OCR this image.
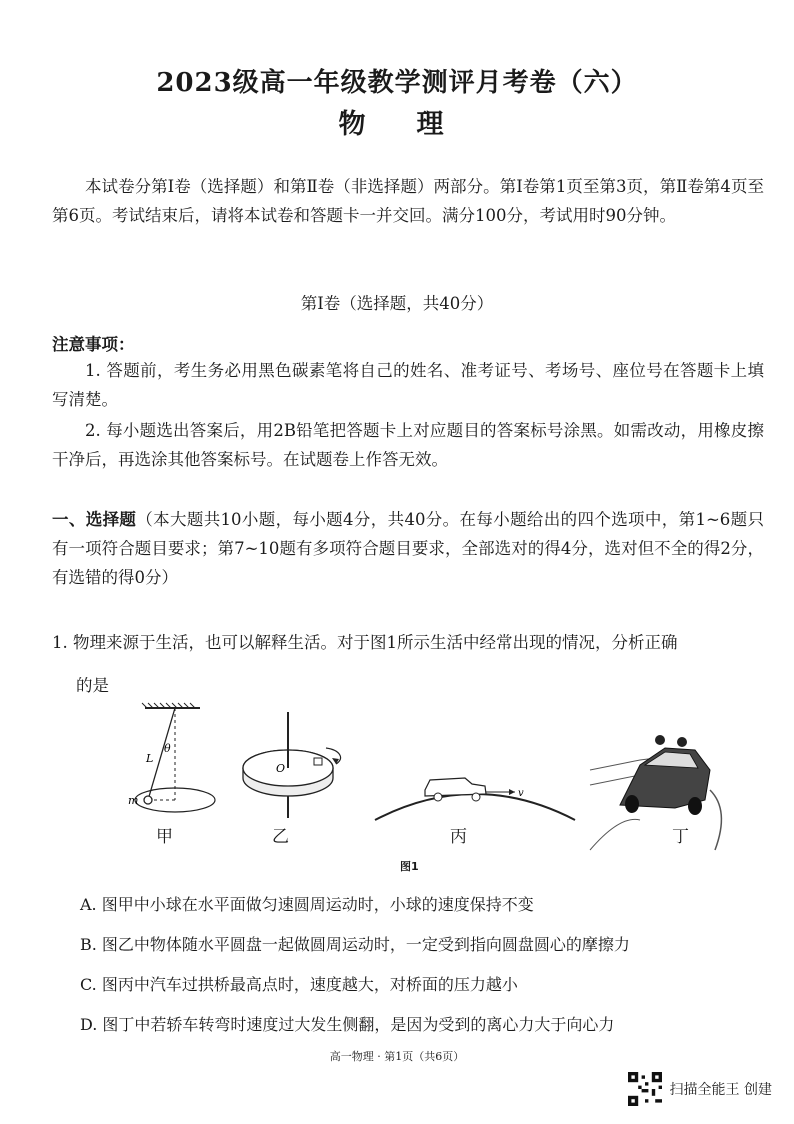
2023级高一年级教学测评月考卷（六）
物　理
本试卷分第Ⅰ卷（选择题）和第Ⅱ卷（非选择题）两部分。第Ⅰ卷第1页至第3页，第Ⅱ卷第4页至第6页。考试结束后，请将本试卷和答题卡一并交回。满分100分，考试用时90分钟。
第Ⅰ卷（选择题，共40分）
注意事项：
1. 答题前，考生务必用黑色碳素笔将自己的姓名、准考证号、考场号、座位号在答题卡上填写清楚。
2. 每小题选出答案后，用2B铅笔把答题卡上对应题目的答案标号涂黑。如需改动，用橡皮擦干净后，再选涂其他答案标号。在试题卷上作答无效。
一、选择题（本大题共10小题，每小题4分，共40分。在每小题给出的四个选项中，第1~6题只有一项符合题目要求；第7~10题有多项符合题目要求，全部选对的得4分，选对但不全的得2分，有选错的得0分）
1. 物理来源于生活，也可以解释生活。对于图1所示生活中经常出现的情况，分析正确
的是
θ
L
m
O
v
甲	乙	丙	丁
图1
A. 图甲中小球在水平面做匀速圆周运动时，小球的速度保持不变
B. 图乙中物体随水平圆盘一起做圆周运动时，一定受到指向圆盘圆心的摩擦力
C. 图丙中汽车过拱桥最高点时，速度越大，对桥面的压力越小
D. 图丁中若轿车转弯时速度过大发生侧翻，是因为受到的离心力大于向心力
高一物理 · 第1页（共6页）
扫描全能王 创建
